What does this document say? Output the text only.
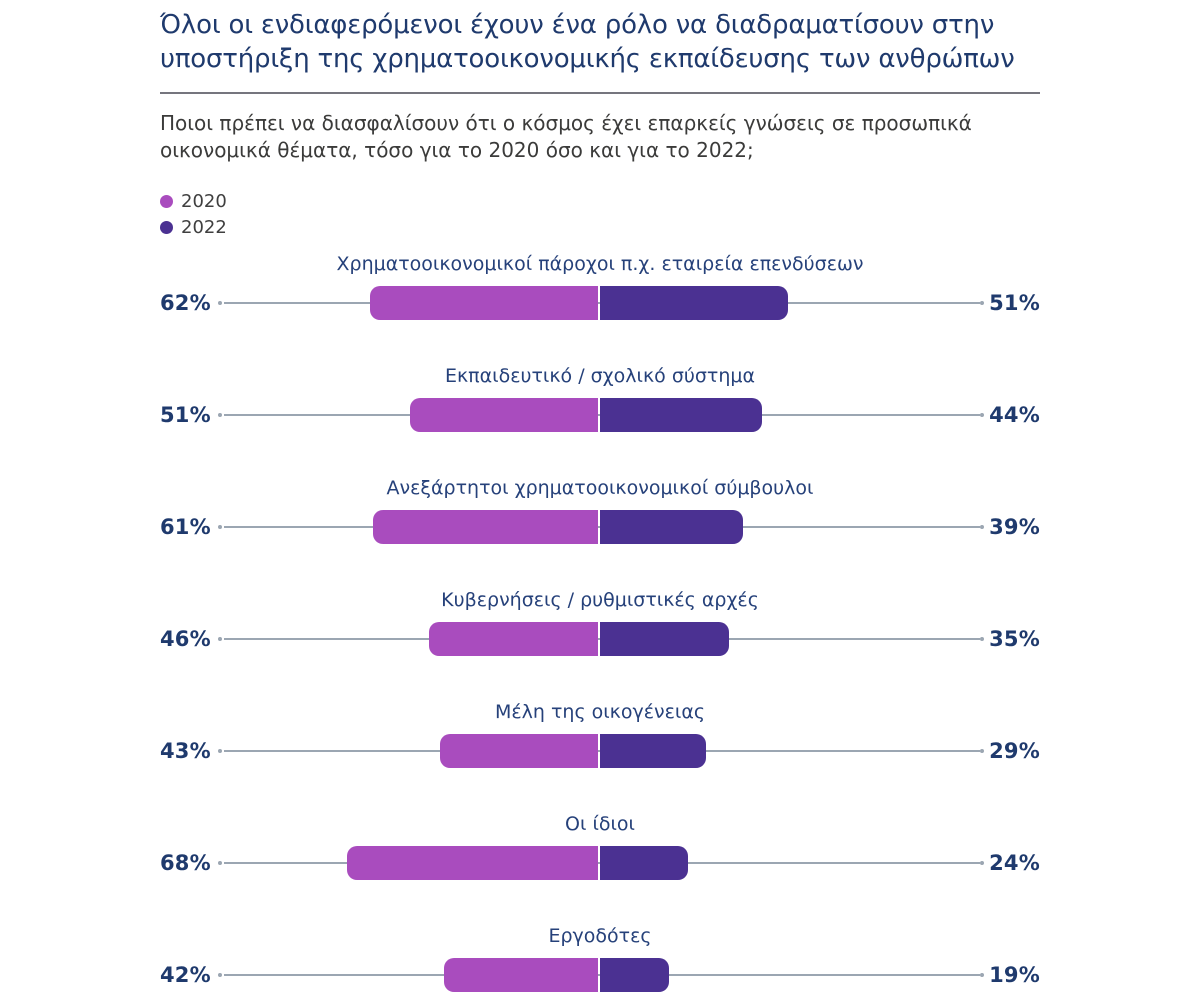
Όλοι οι ενδιαφερόμενοι έχουν ένα ρόλο να διαδραματίσουν στην υποστήριξη της χρηματοοικονομικής εκπαίδευσης των ανθρώπων
Ποιοι πρέπει να διασφαλίσουν ότι ο κόσμος έχει επαρκείς γνώσεις σε προσωπικά οικονομικά θέματα, τόσο για το 2020 όσο και για το 2022;
2020
2022
Χρηματοοικονομικοί πάροχοι π.χ. εταιρεία επενδύσεων
62%	51%
Εκπαιδευτικό / σχολικό σύστημα
51%	44%
Ανεξάρτητοι χρηματοοικονομικοί σύμβουλοι
61%	39%
Κυβερνήσεις / ρυθμιστικές αρχές
46%	35%
Μέλη της οικογένειας
43%	29%
Οι ίδιοι
68%	24%
Εργοδότες
42%	19%
